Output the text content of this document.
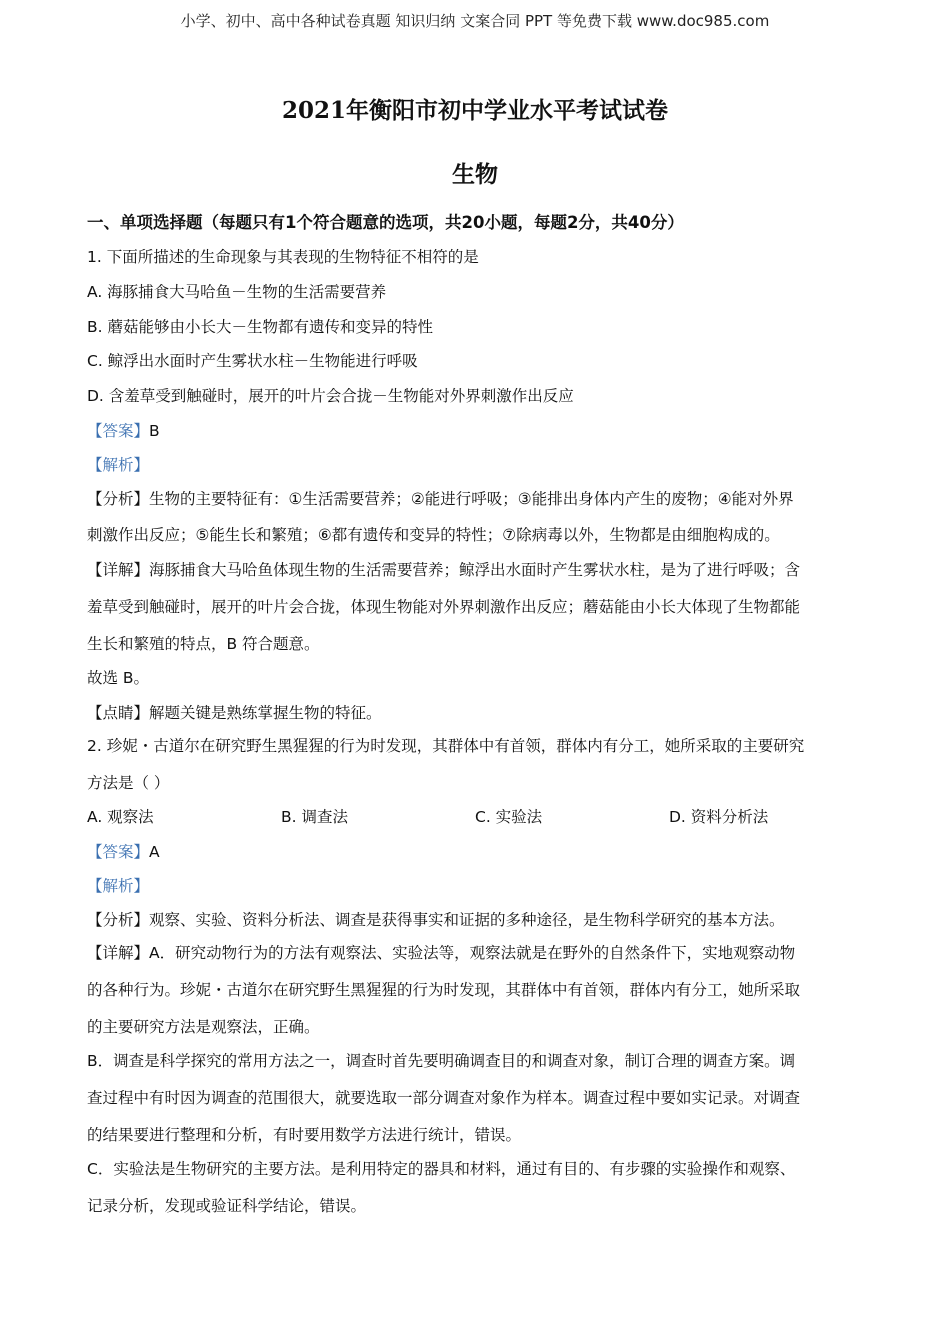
小学、初中、高中各种试卷真题 知识归纳 文案合同 PPT 等免费下载 www.doc985.com
2021年衡阳市初中学业水平考试试卷
生物
一、单项选择题（每题只有1个符合题意的选项，共20小题，每题2分，共40分）
1. 下面所描述的生命现象与其表现的生物特征不相符的是
A. 海豚捕食大马哈鱼－生物的生活需要营养
B. 蘑菇能够由小长大－生物都有遗传和变异的特性
C. 鲸浮出水面时产生雾状水柱－生物能进行呼吸
D. 含羞草受到触碰时，展开的叶片会合拢－生物能对外界刺激作出反应
【答案】B
【解析】
【分析】生物的主要特征有：①生活需要营养；②能进行呼吸；③能排出身体内产生的废物；④能对外界
刺激作出反应；⑤能生长和繁殖；⑥都有遗传和变异的特性；⑦除病毒以外，生物都是由细胞构成的。
【详解】海豚捕食大马哈鱼体现生物的生活需要营养；鲸浮出水面时产生雾状水柱，是为了进行呼吸；含
羞草受到触碰时，展开的叶片会合拢，体现生物能对外界刺激作出反应；蘑菇能由小长大体现了生物都能
生长和繁殖的特点，B 符合题意。
故选 B。
【点睛】解题关键是熟练掌握生物的特征。
2. 珍妮・古道尔在研究野生黑猩猩的行为时发现，其群体中有首领，群体内有分工，她所采取的主要研究
方法是（ ）
A. 观察法	B. 调查法	C. 实验法	D. 资料分析法
【答案】A
【解析】
【分析】观察、实验、资料分析法、调查是获得事实和证据的多种途径，是生物科学研究的基本方法。
【详解】A．研究动物行为的方法有观察法、实验法等，观察法就是在野外的自然条件下，实地观察动物
的各种行为。珍妮・古道尔在研究野生黑猩猩的行为时发现，其群体中有首领，群体内有分工，她所采取
的主要研究方法是观察法，正确。
B．调查是科学探究的常用方法之一，调查时首先要明确调查目的和调查对象，制订合理的调查方案。调
查过程中有时因为调查的范围很大，就要选取一部分调查对象作为样本。调查过程中要如实记录。对调查
的结果要进行整理和分析，有时要用数学方法进行统计，错误。
C．实验法是生物研究的主要方法。是利用特定的器具和材料，通过有目的、有步骤的实验操作和观察、
记录分析，发现或验证科学结论，错误。
